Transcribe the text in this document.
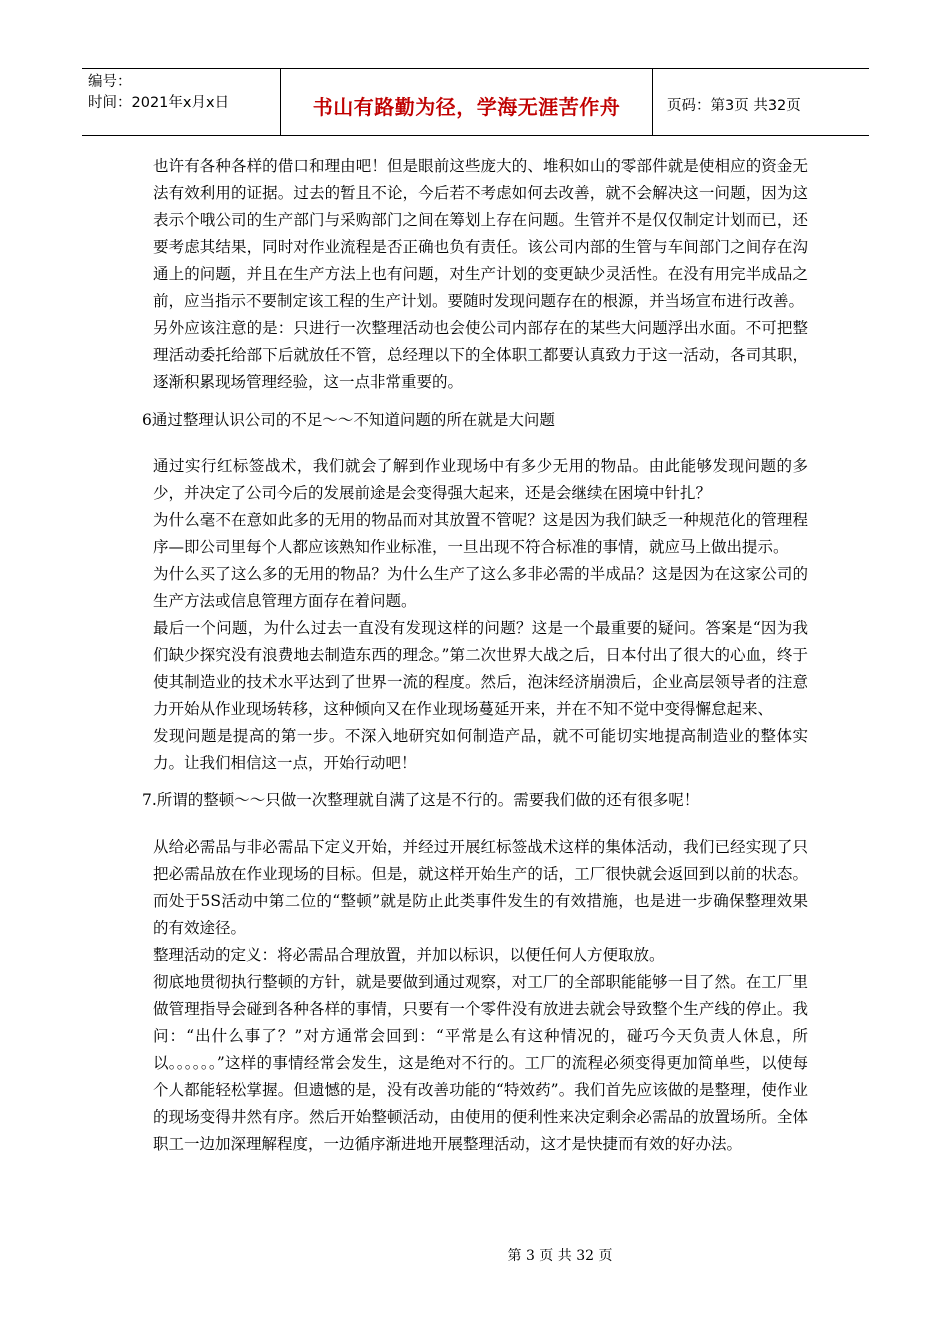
编号：
时间：2021年x月x日	书山有路勤为径，学海无涯苦作舟	页码：第3页 共32页

也许有各种各样的借口和理由吧！但是眼前这些庞大的、堆积如山的零部件就是使相应的资金无法有效利用的证据。过去的暂且不论，今后若不考虑如何去改善，就不会解决这一问题，因为这表示个哦公司的生产部门与采购部门之间在筹划上存在问题。生管并不是仅仅制定计划而已，还要考虑其结果，同时对作业流程是否正确也负有责任。该公司内部的生管与车间部门之间存在沟通上的问题，并且在生产方法上也有问题，对生产计划的变更缺少灵活性。在没有用完半成品之前，应当指示不要制定该工程的生产计划。要随时发现问题存在的根源，并当场宣布进行改善。

另外应该注意的是：只进行一次整理活动也会使公司内部存在的某些大问题浮出水面。不可把整理活动委托给部下后就放任不管，总经理以下的全体职工都要认真致力于这一活动，各司其职，逐渐积累现场管理经验，这一点非常重要的。

6通过整理认识公司的不足～～不知道问题的所在就是大问题

通过实行红标签战术，我们就会了解到作业现场中有多少无用的物品。由此能够发现问题的多少，并决定了公司今后的发展前途是会变得强大起来，还是会继续在困境中针扎？

为什么毫不在意如此多的无用的物品而对其放置不管呢？这是因为我们缺乏一种规范化的管理程序—即公司里每个人都应该熟知作业标准，一旦出现不符合标准的事情，就应马上做出提示。

为什么买了这么多的无用的物品？为什么生产了这么多非必需的半成品？这是因为在这家公司的生产方法或信息管理方面存在着问题。

最后一个问题，为什么过去一直没有发现这样的问题？这是一个最重要的疑问。答案是“因为我们缺少探究没有浪费地去制造东西的理念。”第二次世界大战之后，日本付出了很大的心血，终于使其制造业的技术水平达到了世界一流的程度。然后，泡沫经济崩溃后，企业高层领导者的注意力开始从作业现场转移，这种倾向又在作业现场蔓延开来，并在不知不觉中变得懈怠起来、

发现问题是提高的第一步。不深入地研究如何制造产品，就不可能切实地提高制造业的整体实力。让我们相信这一点，开始行动吧！

7.所谓的整顿～～只做一次整理就自满了这是不行的。需要我们做的还有很多呢！

从给必需品与非必需品下定义开始，并经过开展红标签战术这样的集体活动，我们已经实现了只把必需品放在作业现场的目标。但是，就这样开始生产的话，工厂很快就会返回到以前的状态。而处于5S活动中第二位的“整顿”就是防止此类事件发生的有效措施，也是进一步确保整理效果的有效途径。

整理活动的定义：将必需品合理放置，并加以标识，以便任何人方便取放。

彻底地贯彻执行整顿的方针，就是要做到通过观察，对工厂的全部职能能够一目了然。在工厂里做管理指导会碰到各种各样的事情，只要有一个零件没有放进去就会导致整个生产线的停止。我问：“出什么事了？”对方通常会回到：“平常是么有这种情况的，碰巧今天负责人休息，所以。。。。。。”这样的事情经常会发生，这是绝对不行的。工厂的流程必须变得更加简单些，以使每个人都能轻松掌握。但遗憾的是，没有改善功能的“特效药”。我们首先应该做的是整理，使作业的现场变得井然有序。然后开始整顿活动，由使用的便利性来决定剩余必需品的放置场所。全体职工一边加深理解程度，一边循序渐进地开展整理活动，这才是快捷而有效的好办法。

第 3 页 共 32 页
